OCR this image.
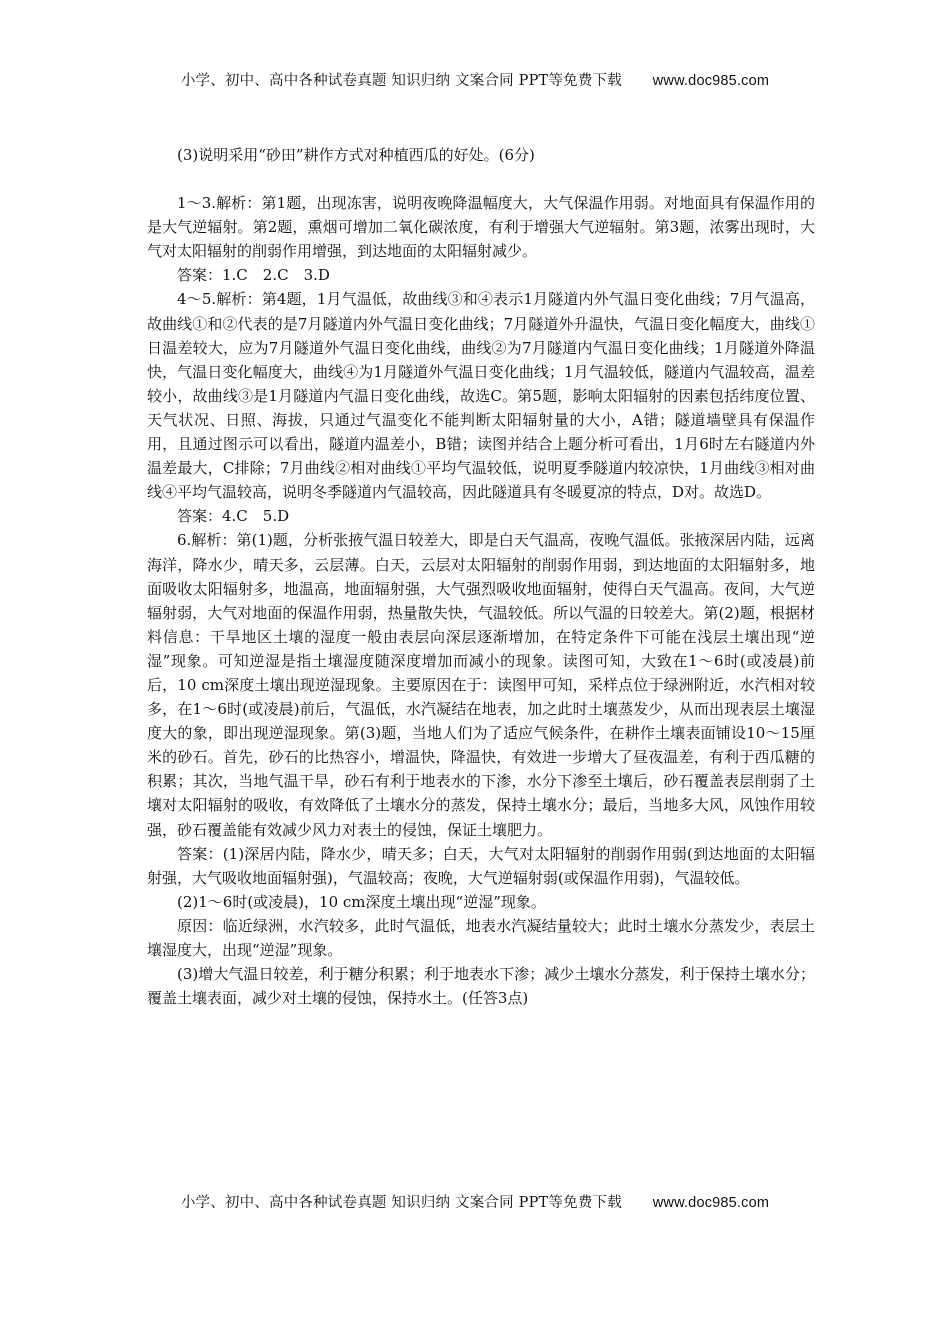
小学、初中、高中各种试卷真题 知识归纳 文案合同 PPT等免费下载 www.doc985.com

(3)说明采用“砂田”耕作方式对种植西瓜的好处。(6分)

1～3.解析：第1题，出现冻害，说明夜晚降温幅度大，大气保温作用弱。对地面具有保温作用的是大气逆辐射。第2题，熏烟可增加二氧化碳浓度，有利于增强大气逆辐射。第3题，浓雾出现时，大气对太阳辐射的削弱作用增强，到达地面的太阳辐射减少。

答案：1.C　2.C　3.D

4～5.解析：第4题，1月气温低，故曲线③和④表示1月隧道内外气温日变化曲线；7月气温高，故曲线①和②代表的是7月隧道内外气温日变化曲线；7月隧道外升温快，气温日变化幅度大，曲线①日温差较大，应为7月隧道外气温日变化曲线，曲线②为7月隧道内气温日变化曲线；1月隧道外降温快，气温日变化幅度大，曲线④为1月隧道外气温日变化曲线；1月气温较低，隧道内气温较高，温差较小，故曲线③是1月隧道内气温日变化曲线，故选C。第5题，影响太阳辐射的因素包括纬度位置、天气状况、日照、海拔，只通过气温变化不能判断太阳辐射量的大小，A错；隧道墙壁具有保温作用，且通过图示可以看出，隧道内温差小，B错；读图并结合上题分析可看出，1月6时左右隧道内外温差最大，C排除；7月曲线②相对曲线①平均气温较低，说明夏季隧道内较凉快，1月曲线③相对曲线④平均气温较高，说明冬季隧道内气温较高，因此隧道具有冬暖夏凉的特点，D对。故选D。

答案：4.C　5.D

6.解析：第(1)题，分析张掖气温日较差大，即是白天气温高，夜晚气温低。张掖深居内陆，远离海洋，降水少，晴天多，云层薄。白天，云层对太阳辐射的削弱作用弱，到达地面的太阳辐射多，地面吸收太阳辐射多，地温高，地面辐射强，大气强烈吸收地面辐射，使得白天气温高。夜间，大气逆辐射弱，大气对地面的保温作用弱，热量散失快，气温较低。所以气温的日较差大。第(2)题，根据材料信息：干旱地区土壤的湿度一般由表层向深层逐渐增加，在特定条件下可能在浅层土壤出现“逆湿”现象。可知逆湿是指土壤湿度随深度增加而减小的现象。读图可知，大致在1～6时(或凌晨)前后，10 cm深度土壤出现逆湿现象。主要原因在于：读图甲可知，采样点位于绿洲附近，水汽相对较多，在1～6时(或凌晨)前后，气温低，水汽凝结在地表，加之此时土壤蒸发少，从而出现表层土壤湿度大的象，即出现逆湿现象。第(3)题，当地人们为了适应气候条件，在耕作土壤表面铺设10～15厘米的砂石。首先，砂石的比热容小，增温快，降温快，有效进一步增大了昼夜温差，有利于西瓜糖的积累；其次，当地气温干旱，砂石有利于地表水的下渗，水分下渗至土壤后，砂石覆盖表层削弱了土壤对太阳辐射的吸收，有效降低了土壤水分的蒸发，保持土壤水分；最后，当地多大风，风蚀作用较强，砂石覆盖能有效减少风力对表土的侵蚀，保证土壤肥力。

答案：(1)深居内陆，降水少，晴天多；白天，大气对太阳辐射的削弱作用弱(到达地面的太阳辐射强，大气吸收地面辐射强)，气温较高；夜晚，大气逆辐射弱(或保温作用弱)，气温较低。

(2)1～6时(或凌晨)，10 cm深度土壤出现“逆湿”现象。

原因：临近绿洲，水汽较多，此时气温低，地表水汽凝结量较大；此时土壤水分蒸发少，表层土壤湿度大，出现“逆湿”现象。

(3)增大气温日较差，利于糖分积累；利于地表水下渗；减少土壤水分蒸发，利于保持土壤水分；覆盖土壤表面，减少对土壤的侵蚀，保持水土。(任答3点)

小学、初中、高中各种试卷真题 知识归纳 文案合同 PPT等免费下载 www.doc985.com
